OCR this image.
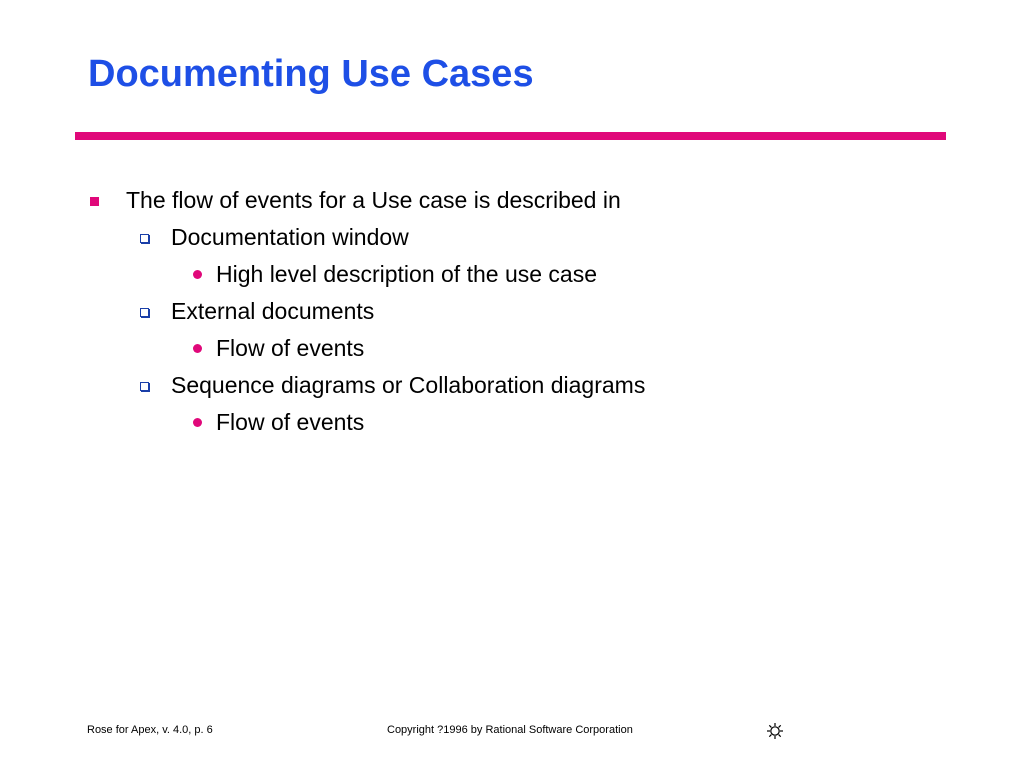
Documenting Use Cases
The flow of events for a Use case is described in
Documentation window
High level description of the use case
External documents
Flow of events
Sequence diagrams or Collaboration diagrams
Flow of events
Rose for Apex, v. 4.0, p. 6	Copyright ?1996 by Rational Software Corporation
